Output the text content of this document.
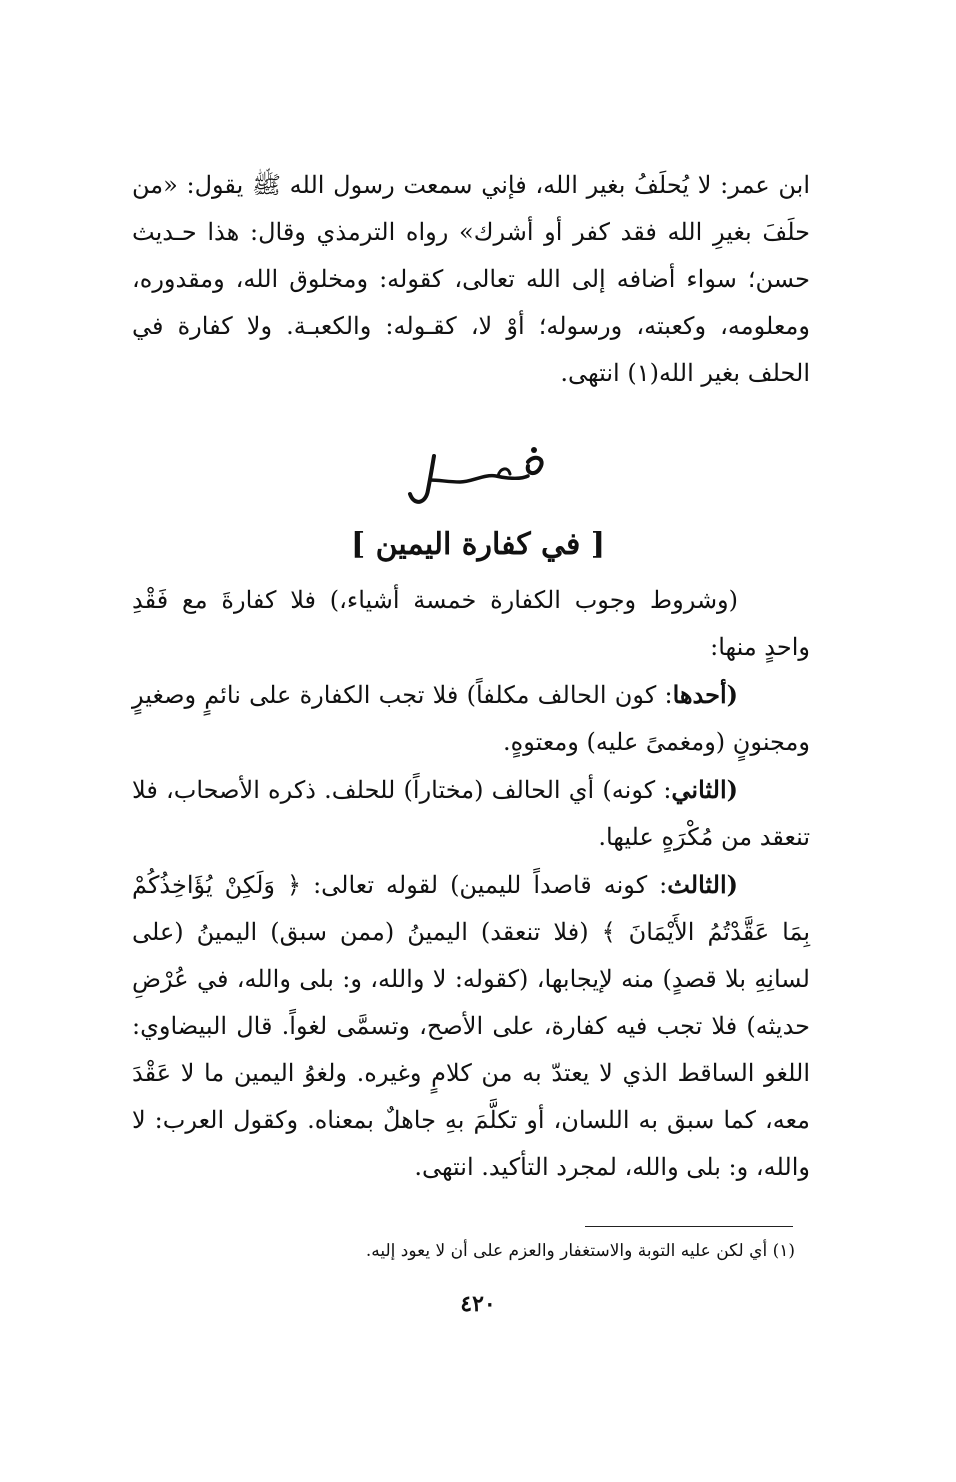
ابن عمر: لا يُحلَفُ بغير الله، فإني سمعت رسول الله ﷺ يقول: «من حلَفَ بغيرِ الله فقد كفر أو أشرك» رواه الترمذي وقال: هذا حـديث حسن؛ سواء أضافه إلى الله تعالى، كقوله: ومخلوق الله، ومقدوره، ومعلومه، وكعبته، ورسوله؛ أوْ لا، كقـوله: والكعبـة. ولا كفارة في الحلف بغير الله(١) انتهى.

[ في كفارة اليمين ]

(وشروط وجوب الكفارة خمسة أشياء،) فلا كفارةَ مع فَقْدِ واحدٍ منها:

(أحدها: كون الحالف مكلفاً) فلا تجب الكفارة على نائمٍ وصغيرٍ ومجنونٍ (ومغمىً عليه) ومعتوهٍ.

(الثاني: كونه) أي الحالف (مختاراً) للحلف. ذكره الأصحاب، فلا تنعقد من مُكْرَهٍ عليها.

(الثالث: كونه قاصداً لليمين) لقوله تعالى: ﴿ وَلَكِنْ يُؤَاخِذُكُمْ بِمَا عَقَّدْتُمُ الأَيْمَانَ ﴾ (فلا تنعقد) اليمينُ (ممن سبق) اليمينُ (على لسانِهِ بلا قصدٍ) منه لإيجابها، (كقوله: لا والله، و: بلى والله، في عُرْضِ حديثه) فلا تجب فيه كفارة، على الأصح، وتسمَّى لغواً. قال البيضاوي: اللغو الساقط الذي لا يعتدّ به من كلامٍ وغيره. ولغوُ اليمين ما لا عَقْدَ معه، كما سبق به اللسان، أو تكلَّمَ بهِ جاهلٌ بمعناه. وكقول العرب: لا والله، و: بلى والله، لمجرد التأكيد. انتهى.

(١) أي لكن عليه التوبة والاستغفار والعزم على أن لا يعود إليه.
٤٢٠
